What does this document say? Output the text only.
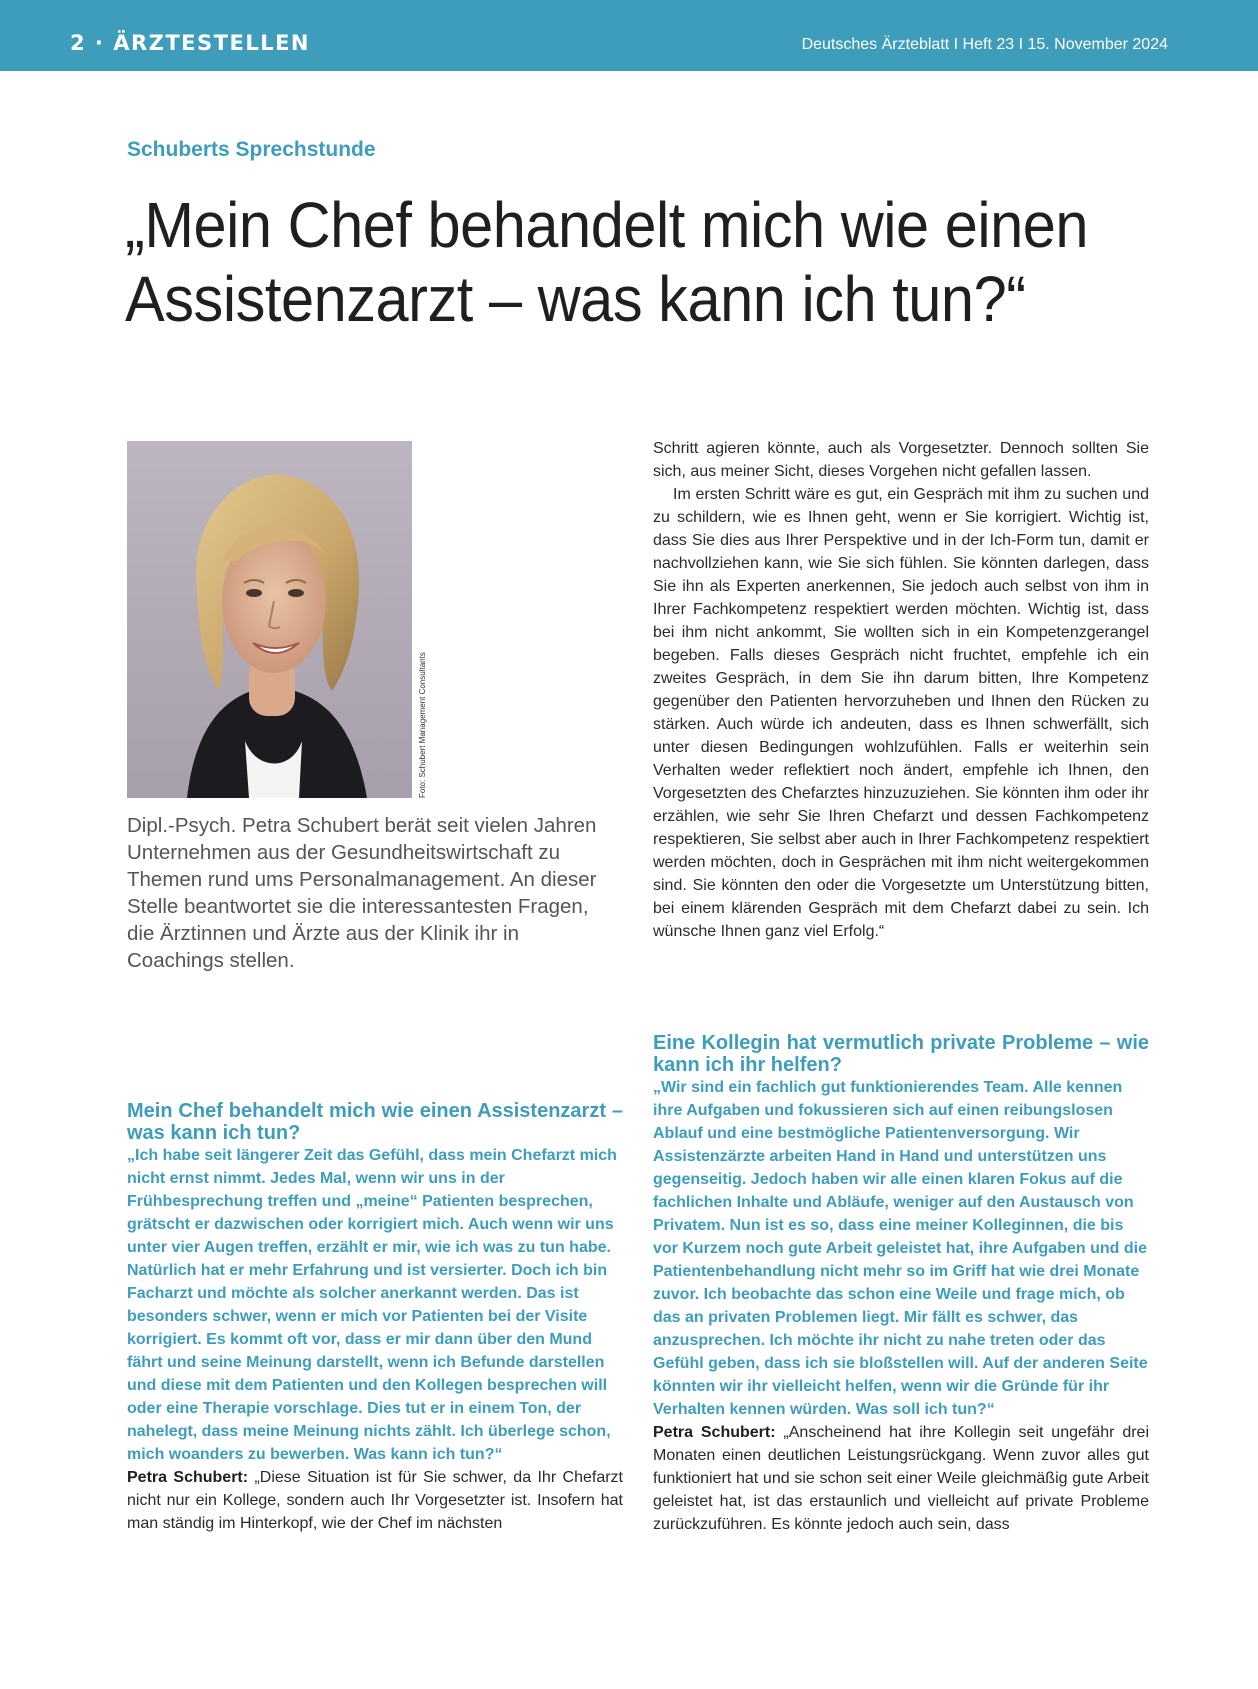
2 · ÄRZTESTELLEN	Deutsches Ärzteblatt I Heft 23 I 15. November 2024
Schuberts Sprechstunde
„Mein Chef behandelt mich wie einen
Assistenzarzt – was kann ich tun?“
Foto: Schubert Management Consultants
Dipl.-Psych. Petra Schubert berät seit vielen Jahren Unternehmen aus der Gesundheitswirtschaft zu Themen rund ums Personalmanagement. An dieser Stelle beantwortet sie die interessantesten Fragen, die Ärztinnen und Ärzte aus der Klinik ihr in Coachings stellen.

Schritt agieren könnte, auch als Vorgesetzter. Dennoch sollten Sie sich, aus meiner Sicht, dieses Vorgehen nicht gefallen lassen.

Im ersten Schritt wäre es gut, ein Gespräch mit ihm zu suchen und zu schildern, wie es Ihnen geht, wenn er Sie korrigiert. Wichtig ist, dass Sie dies aus Ihrer Perspektive und in der Ich-Form tun, damit er nachvollziehen kann, wie Sie sich fühlen. Sie könnten darlegen, dass Sie ihn als Experten anerkennen, Sie jedoch auch selbst von ihm in Ihrer Fachkompetenz respektiert werden möchten. Wichtig ist, dass bei ihm nicht ankommt, Sie wollten sich in ein Kompetenzgerangel begeben. Falls dieses Gespräch nicht fruchtet, empfehle ich ein zweites Gespräch, in dem Sie ihn darum bitten, Ihre Kompetenz gegenüber den Patienten hervorzuheben und Ihnen den Rücken zu stärken. Auch würde ich andeuten, dass es Ihnen schwerfällt, sich unter diesen Bedingungen wohlzufühlen. Falls er weiterhin sein Verhalten weder reflektiert noch ändert, empfehle ich Ihnen, den Vorgesetzten des Chefarztes hinzuzuziehen. Sie könnten ihm oder ihr erzählen, wie sehr Sie Ihren Chefarzt und dessen Fachkompetenz respektieren, Sie selbst aber auch in Ihrer Fachkompetenz respektiert werden möchten, doch in Gesprächen mit ihm nicht weitergekommen sind. Sie könnten den oder die Vorgesetzte um Unterstützung bitten, bei einem klärenden Gespräch mit dem Chefarzt dabei zu sein. Ich wünsche Ihnen ganz viel Erfolg.“

Mein Chef behandelt mich wie einen Assistenzarzt – was kann ich tun?

„Ich habe seit längerer Zeit das Gefühl, dass mein Chefarzt mich nicht ernst nimmt. Jedes Mal, wenn wir uns in der Frühbesprechung treffen und „meine“ Patienten besprechen, grätscht er dazwischen oder korrigiert mich. Auch wenn wir uns unter vier Augen treffen, erzählt er mir, wie ich was zu tun habe. Natürlich hat er mehr Erfahrung und ist versierter. Doch ich bin Facharzt und möchte als solcher anerkannt werden. Das ist besonders schwer, wenn er mich vor Patienten bei der Visite korrigiert. Es kommt oft vor, dass er mir dann über den Mund fährt und seine Meinung darstellt, wenn ich Befunde darstellen und diese mit dem Patienten und den Kollegen besprechen will oder eine Therapie vorschlage. Dies tut er in einem Ton, der nahelegt, dass meine Meinung nichts zählt. Ich überlege schon, mich woanders zu bewerben. Was kann ich tun?“

Petra Schubert: „Diese Situation ist für Sie schwer, da Ihr Chefarzt nicht nur ein Kollege, sondern auch Ihr Vorgesetzter ist. Insofern hat man ständig im Hinterkopf, wie der Chef im nächsten

Eine Kollegin hat vermutlich private Probleme – wie kann ich ihr helfen?

„Wir sind ein fachlich gut funktionierendes Team. Alle kennen ihre Aufgaben und fokussieren sich auf einen reibungslosen Ablauf und eine bestmögliche Patientenversorgung. Wir Assistenzärzte arbeiten Hand in Hand und unterstützen uns gegenseitig. Jedoch haben wir alle einen klaren Fokus auf die fachlichen Inhalte und Abläufe, weniger auf den Austausch von Privatem. Nun ist es so, dass eine meiner Kolleginnen, die bis vor Kurzem noch gute Arbeit geleistet hat, ihre Aufgaben und die Patientenbehandlung nicht mehr so im Griff hat wie drei Monate zuvor. Ich beobachte das schon eine Weile und frage mich, ob das an privaten Problemen liegt. Mir fällt es schwer, das anzusprechen. Ich möchte ihr nicht zu nahe treten oder das Gefühl geben, dass ich sie bloßstellen will. Auf der anderen Seite könnten wir ihr vielleicht helfen, wenn wir die Gründe für ihr Verhalten kennen würden. Was soll ich tun?“

Petra Schubert: „Anscheinend hat ihre Kollegin seit ungefähr drei Monaten einen deutlichen Leistungsrückgang. Wenn zuvor alles gut funktioniert hat und sie schon seit einer Weile gleichmäßig gute Arbeit geleistet hat, ist das erstaunlich und vielleicht auf private Probleme zurückzuführen. Es könnte jedoch auch sein, dass
